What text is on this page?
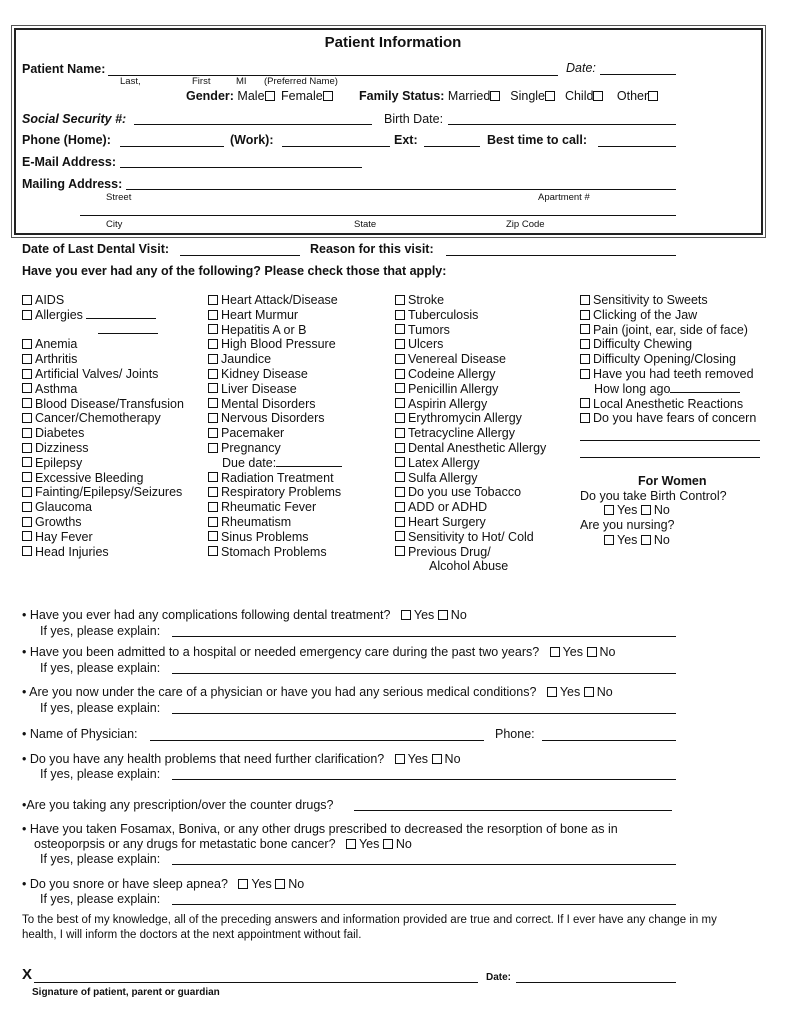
Patient Information
Patient Name:	Date:
Last,	First	MI (Preferred Name)
Gender: Male Female	Family Status: Married Single Child Other
Social Security #:	Birth Date:
Phone (Home):	(Work):	Ext:	Best time to call:
E-Mail Address:
Mailing Address:
Street	Apartment #
City	State	Zip Code
Date of Last Dental Visit:	Reason for this visit:
Have you ever had any of the following? Please check those that apply:
AIDS
Allergies
Anemia
Arthritis
Artificial Valves/ Joints
Asthma
Blood Disease/Transfusion
Cancer/Chemotherapy
Diabetes
Dizziness
Epilepsy
Excessive Bleeding
Fainting/Epilepsy/Seizures
Glaucoma
Growths
Hay Fever
Head Injuries
Heart Attack/Disease
Heart Murmur
Hepatitis A or B
High Blood Pressure
Jaundice
Kidney Disease
Liver Disease
Mental Disorders
Nervous Disorders
Pacemaker
Pregnancy
Due date:
Radiation Treatment
Respiratory Problems
Rheumatic Fever
Rheumatism
Sinus Problems
Stomach Problems
Stroke
Tuberculosis
Tumors
Ulcers
Venereal Disease
Codeine Allergy
Penicillin Allergy
Aspirin Allergy
Erythromycin Allergy
Tetracycline Allergy
Dental Anesthetic Allergy
Latex Allergy
Sulfa Allergy
Do you use Tobacco
ADD or ADHD
Heart Surgery
Sensitivity to Hot/ Cold
Previous Drug/
Alcohol Abuse
Sensitivity to Sweets
Clicking of the Jaw
Pain (joint, ear, side of face)
Difficulty Chewing
Difficulty Opening/Closing
Have you had teeth removed
How long ago
Local Anesthetic Reactions
Do you have fears of concern
For Women
Do you take Birth Control?
Yes No
Are you nursing?
Yes No
• Have you ever had any complications following dental treatment? Yes No
If yes, please explain:
• Have you been admitted to a hospital or needed emergency care during the past two years? Yes No
If yes, please explain:
• Are you now under the care of a physician or have you had any serious medical conditions? Yes No
If yes, please explain:
• Name of Physician:	Phone:
• Do you have any health problems that need further clarification? Yes No
If yes, please explain:
•Are you taking any prescription/over the counter drugs?
• Have you taken Fosamax, Boniva, or any other drugs prescribed to decreased the resorption of bone as in
osteoporpsis or any drugs for metastatic bone cancer? Yes No
If yes, please explain:
• Do you snore or have sleep apnea? Yes No
If yes, please explain:
To the best of my knowledge, all of the preceding answers and information provided are true and correct. If I ever have any change in my
health, I will inform the doctors at the next appointment without fail.
X	Date:
Signature of patient, parent or guardian
